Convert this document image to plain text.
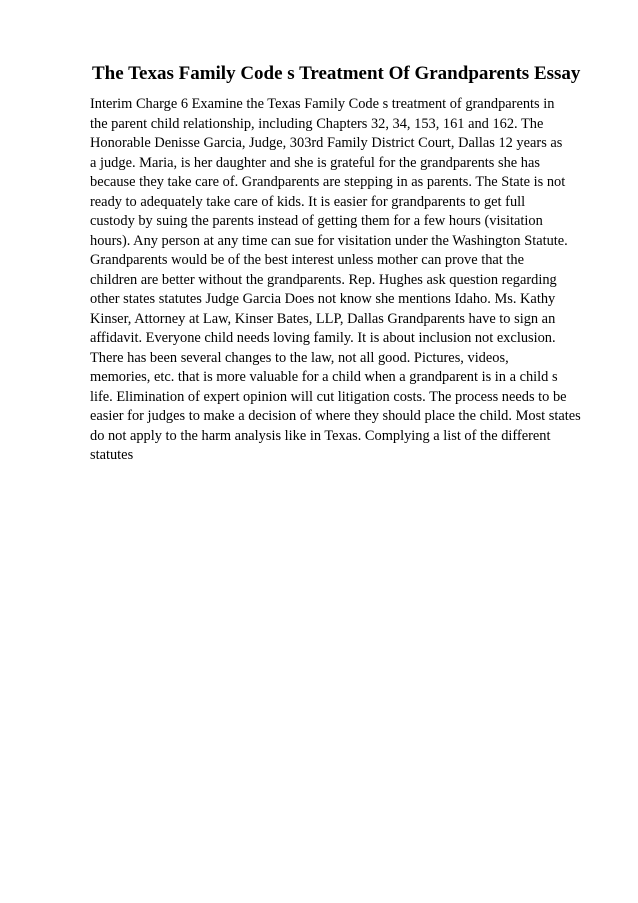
The Texas Family Code s Treatment Of Grandparents Essay
Interim Charge 6 Examine the Texas Family Code s treatment of grandparents in
the parent child relationship, including Chapters 32, 34, 153, 161 and 162. The
Honorable Denisse Garcia, Judge, 303rd Family District Court, Dallas 12 years as
a judge. Maria, is her daughter and she is grateful for the grandparents she has
because they take care of. Grandparents are stepping in as parents. The State is not
ready to adequately take care of kids. It is easier for grandparents to get full
custody by suing the parents instead of getting them for a few hours (visitation
hours). Any person at any time can sue for visitation under the Washington Statute.
Grandparents would be of the best interest unless mother can prove that the
children are better without the grandparents. Rep. Hughes ask question regarding
other states statutes Judge Garcia Does not know she mentions Idaho. Ms. Kathy
Kinser, Attorney at Law, Kinser Bates, LLP, Dallas Grandparents have to sign an
affidavit. Everyone child needs loving family. It is about inclusion not exclusion.
There has been several changes to the law, not all good. Pictures, videos,
memories, etc. that is more valuable for a child when a grandparent is in a child s
life. Elimination of expert opinion will cut litigation costs. The process needs to be
easier for judges to make a decision of where they should place the child. Most states
do not apply to the harm analysis like in Texas. Complying a list of the different
statutes
